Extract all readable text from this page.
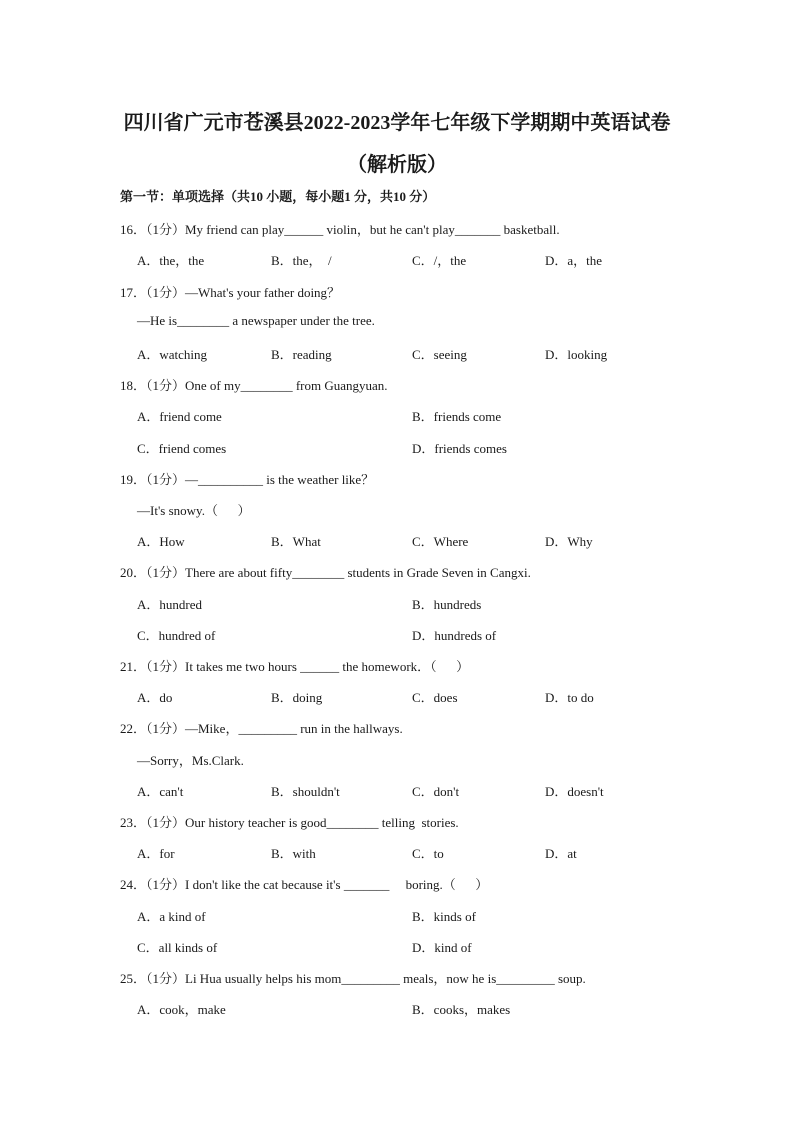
四川省广元市苍溪县2022-2023学年七年级下学期期中英语试卷
（解析版）
第一节：单项选择（共10 小题，每小题1 分，共10 分）
16．（1分）My friend can play______ violin，but he can't play_______ basketball.
A．the，the	B．the，  /	C．/，the	D．a，the
17．（1分）—What's your father doing？
—He is________ a newspaper under the tree.
A．watching	B．reading	C．seeing	D．looking
18．（1分）One of my________ from Guangyuan.
A．friend come	B．friends come
C．friend comes	D．friends comes
19．（1分）—__________ is the weather like？
—It's snowy.（      ）
A．How	B．What	C．Where	D．Why
20．（1分）There are about fifty________ students in Grade Seven in Cangxi.
A．hundred	B．hundreds
C．hundred of	D．hundreds of
21．（1分）It takes me two hours ______ the homework．（      ）
A．do	B．doing	C．does	D．to do
22．（1分）—Mike，_________ run in the hallways.
—Sorry，Ms.Clark.
A．can't	B．shouldn't	C．don't	D．doesn't
23．（1分）Our history teacher is good________ telling  stories.
A．for	B．with	C．to	D．at
24．（1分）I don't like the cat because it's _______     boring.（      ）
A．a kind of	B．kinds of
C．all kinds of	D．kind of
25．（1分）Li Hua usually helps his mom_________ meals，now he is_________ soup.
A．cook，make	B．cooks，makes
